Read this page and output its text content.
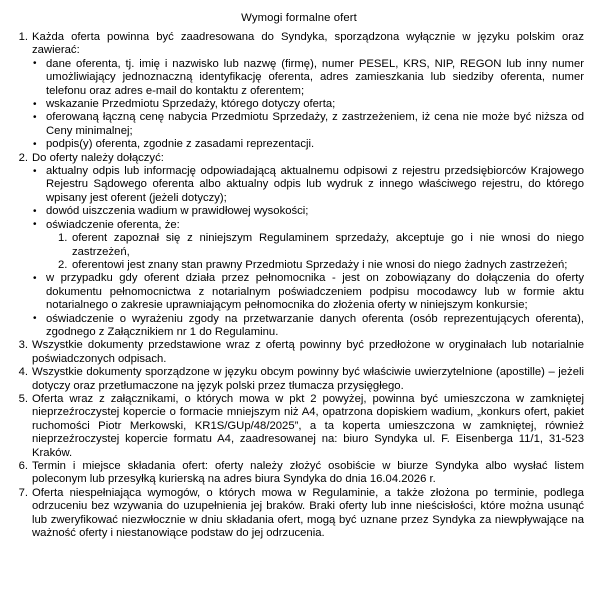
Wymogi formalne ofert
1. Każda oferta powinna być zaadresowana do Syndyka, sporządzona wyłącznie w języku polskim oraz zawierać:
• dane oferenta, tj. imię i nazwisko lub nazwę (firmę), numer PESEL, KRS, NIP, REGON lub inny numer umożliwiający jednoznaczną identyfikację oferenta, adres zamieszkania lub siedziby oferenta, numer telefonu oraz adres e-mail do kontaktu z oferentem;
• wskazanie Przedmiotu Sprzedaży, którego dotyczy oferta;
• oferowaną łączną cenę nabycia Przedmiotu Sprzedaży, z zastrzeżeniem, iż cena nie może być niższa od Ceny minimalnej;
• podpis(y) oferenta, zgodnie z zasadami reprezentacji.
2. Do oferty należy dołączyć:
• aktualny odpis lub informację odpowiadającą aktualnemu odpisowi z rejestru przedsiębiorców Krajowego Rejestru Sądowego oferenta albo aktualny odpis lub wydruk z innego właściwego rejestru, do którego wpisany jest oferent (jeżeli dotyczy);
• dowód uiszczenia wadium w prawidłowej wysokości;
• oświadczenie oferenta, że:
1. oferent zapoznał się z niniejszym Regulaminem sprzedaży, akceptuje go i nie wnosi do niego zastrzeżeń,
2. oferentowi jest znany stan prawny Przedmiotu Sprzedaży i nie wnosi do niego żadnych zastrzeżeń;
• w przypadku gdy oferent działa przez pełnomocnika - jest on zobowiązany do dołączenia do oferty dokumentu pełnomocnictwa z notarialnym poświadczeniem podpisu mocodawcy lub w formie aktu notarialnego o zakresie uprawniającym pełnomocnika do złożenia oferty w niniejszym konkursie;
• oświadczenie o wyrażeniu zgody na przetwarzanie danych oferenta (osób reprezentujących oferenta), zgodnego z Załącznikiem nr 1 do Regulaminu.
3. Wszystkie dokumenty przedstawione wraz z ofertą powinny być przedłożone w oryginałach lub notarialnie poświadczonych odpisach.
4. Wszystkie dokumenty sporządzone w języku obcym powinny być właściwie uwierzytelnione (apostille) – jeżeli dotyczy oraz przetłumaczone na język polski przez tłumacza przysięgłego.
5. Oferta wraz z załącznikami, o których mowa w pkt 2 powyżej, powinna być umieszczona w zamkniętej nieprzeźroczystej kopercie o formacie mniejszym niż A4, opatrzona dopiskiem wadium, „konkurs ofert, pakiet ruchomości Piotr Merkowski, KR1S/GUp/48/2025”, a ta koperta umieszczona w zamkniętej, również nieprzeźroczystej kopercie formatu A4, zaadresowanej na: biuro Syndyka ul. F. Eisenberga 11/1, 31-523 Kraków.
6. Termin i miejsce składania ofert: oferty należy złożyć osobiście w biurze Syndyka albo wysłać listem poleconym lub przesyłką kurierską na adres biura Syndyka do dnia 16.04.2026 r.
7. Oferta niespełniająca wymogów, o których mowa w Regulaminie, a także złożona po terminie, podlega odrzuceniu bez wzywania do uzupełnienia jej braków. Braki oferty lub inne nieścisłości, które można usunąć lub zweryfikować niezwłocznie w dniu składania ofert, mogą być uznane przez Syndyka za niewpływające na ważność oferty i niestanowiące podstaw do jej odrzucenia.
